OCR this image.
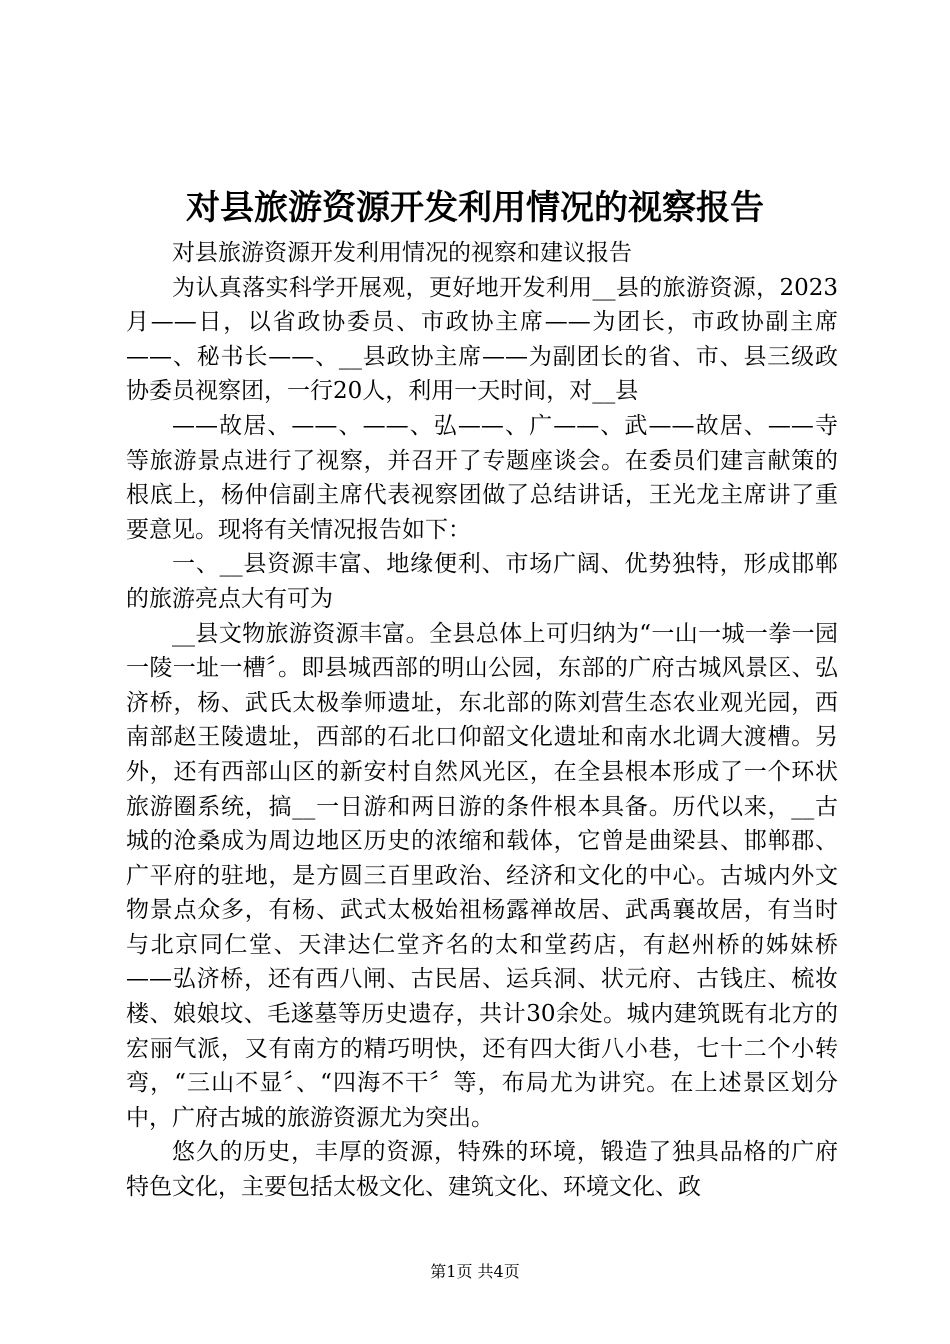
对县旅游资源开发利用情况的视察报告

对县旅游资源开发利用情况的视察和建议报告

为认真落实科学开展观，更好地开发利用__县的旅游资源，2023月——日，以省政协委员、市政协主席——为团长，市政协副主席——、秘书长——、__县政协主席——为副团长的省、市、县三级政协委员视察团，一行20人，利用一天时间，对__县

——故居、——、——、弘——、广——、武——故居、——寺等旅游景点进行了视察，并召开了专题座谈会。在委员们建言献策的根底上，杨仲信副主席代表视察团做了总结讲话，王光龙主席讲了重要意见。现将有关情况报告如下：

一、__县资源丰富、地缘便利、市场广阔、优势独特，形成邯郸的旅游亮点大有可为

__县文物旅游资源丰富。全县总体上可归纳为“一山一城一拳一园一陵一址一槽〞。即县城西部的明山公园，东部的广府古城风景区、弘济桥，杨、武氏太极拳师遗址，东北部的陈刘营生态农业观光园，西南部赵王陵遗址，西部的石北口仰韶文化遗址和南水北调大渡槽。另外，还有西部山区的新安村自然风光区，在全县根本形成了一个环状旅游圈系统，搞__一日游和两日游的条件根本具备。历代以来，__古城的沧桑成为周边地区历史的浓缩和载体，它曾是曲梁县、邯郸郡、广平府的驻地，是方圆三百里政治、经济和文化的中心。古城内外文物景点众多，有杨、武式太极始祖杨露禅故居、武禹襄故居，有当时与北京同仁堂、天津达仁堂齐名的太和堂药店，有赵州桥的姊妹桥——弘济桥，还有西八闸、古民居、运兵洞、状元府、古钱庄、梳妆楼、娘娘坟、毛遂墓等历史遗存，共计30余处。城内建筑既有北方的宏丽气派，又有南方的精巧明快，还有四大街八小巷，七十二个小转弯，“三山不显〞、“四海不干〞等，布局尤为讲究。在上述景区划分中，广府古城的旅游资源尤为突出。

悠久的历史，丰厚的资源，特殊的环境，锻造了独具品格的广府特色文化，主要包括太极文化、建筑文化、环境文化、政

第1页 共4页
